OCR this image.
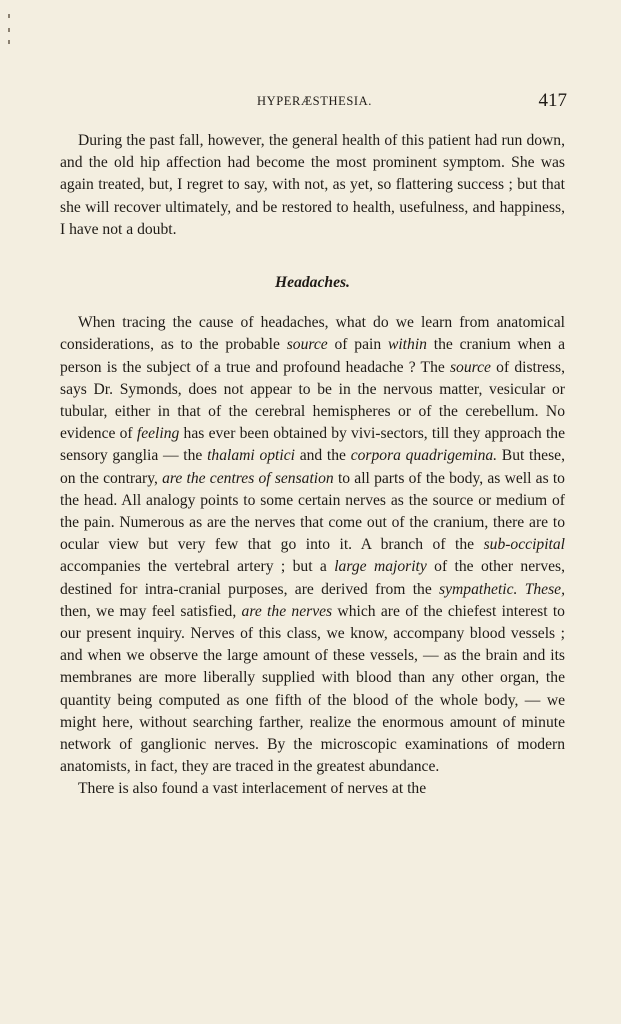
HYPERÆSTHESIA.	417

During the past fall, however, the general health of this patient had run down, and the old hip affection had become the most prominent symptom. She was again treated, but, I regret to say, with not, as yet, so flattering success ; but that she will recover ultimately, and be restored to health, usefulness, and happiness, I have not a doubt.

Headaches.

When tracing the cause of headaches, what do we learn from anatomical considerations, as to the probable source of pain within the cranium when a person is the subject of a true and profound headache ? The source of distress, says Dr. Symonds, does not appear to be in the nervous matter, vesicular or tubular, either in that of the cerebral hemispheres or of the cerebellum. No evidence of feeling has ever been obtained by vivi-sectors, till they approach the sensory ganglia — the thalami optici and the corpora quadrigemina. But these, on the contrary, are the centres of sensation to all parts of the body, as well as to the head. All analogy points to some certain nerves as the source or medium of the pain. Numerous as are the nerves that come out of the cranium, there are to ocular view but very few that go into it. A branch of the sub-occipital accompanies the vertebral artery ; but a large majority of the other nerves, destined for intra-cranial purposes, are derived from the sympathetic. These, then, we may feel satisfied, are the nerves which are of the chiefest interest to our present inquiry. Nerves of this class, we know, accompany blood vessels ; and when we observe the large amount of these vessels, — as the brain and its membranes are more liberally supplied with blood than any other organ, the quantity being computed as one fifth of the blood of the whole body, — we might here, without searching farther, realize the enormous amount of minute network of ganglionic nerves. By the microscopic examinations of modern anatomists, in fact, they are traced in the greatest abundance.

There is also found a vast interlacement of nerves at the
